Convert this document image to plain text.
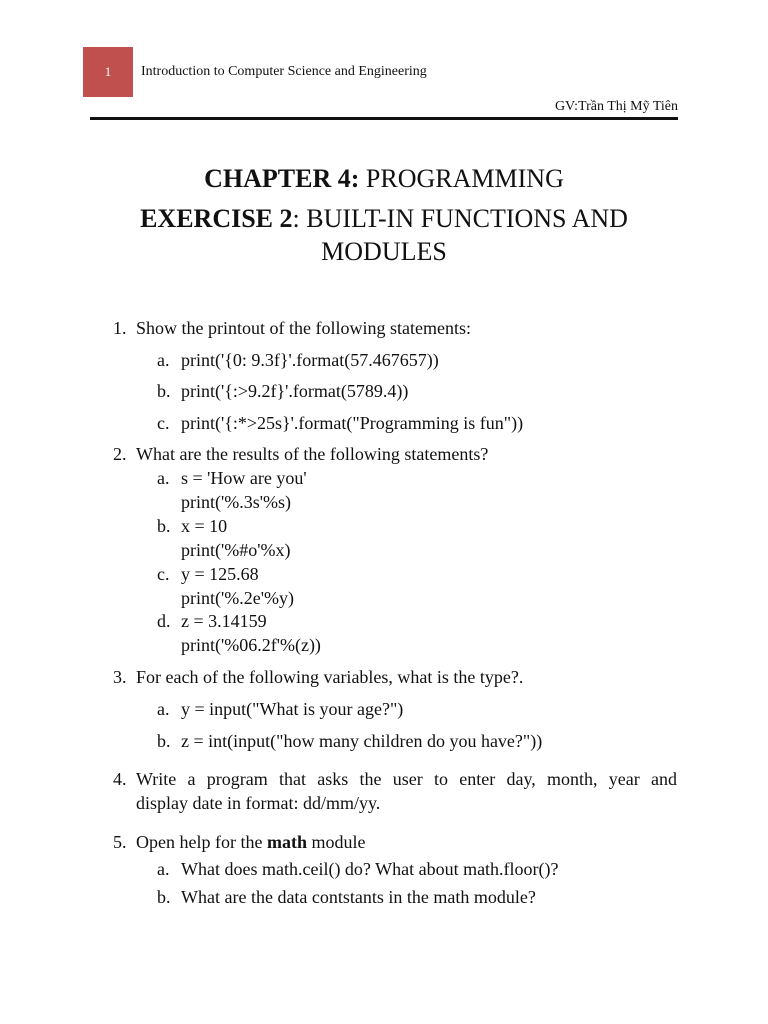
1 Introduction to Computer Science and Engineering
GV:Trần Thị Mỹ Tiên
CHAPTER 4: PROGRAMMING
EXERCISE 2: BUILT-IN FUNCTIONS AND
MODULES
1. Show the printout of the following statements:
a. print('{0: 9.3f}'.format(57.467657))
b. print('{:>9.2f}'.format(5789.4))
c. print('{:*>25s}'.format("Programming is fun"))
2. What are the results of the following statements?
a. s = 'How are you'
print('%.3s'%s)
b. x = 10
print('%#o'%x)
c. y = 125.68
print('%.2e'%y)
d. z = 3.14159
print('%06.2f'%(z))
3. For each of the following variables, what is the type?.
a. y = input("What is your age?")
b. z = int(input("how many children do you have?"))
4. Write a program that asks the user to enter day, month, year and
display date in format: dd/mm/yy.
5. Open help for the math module
a. What does math.ceil() do? What about math.floor()?
b. What are the data contstants in the math module?
